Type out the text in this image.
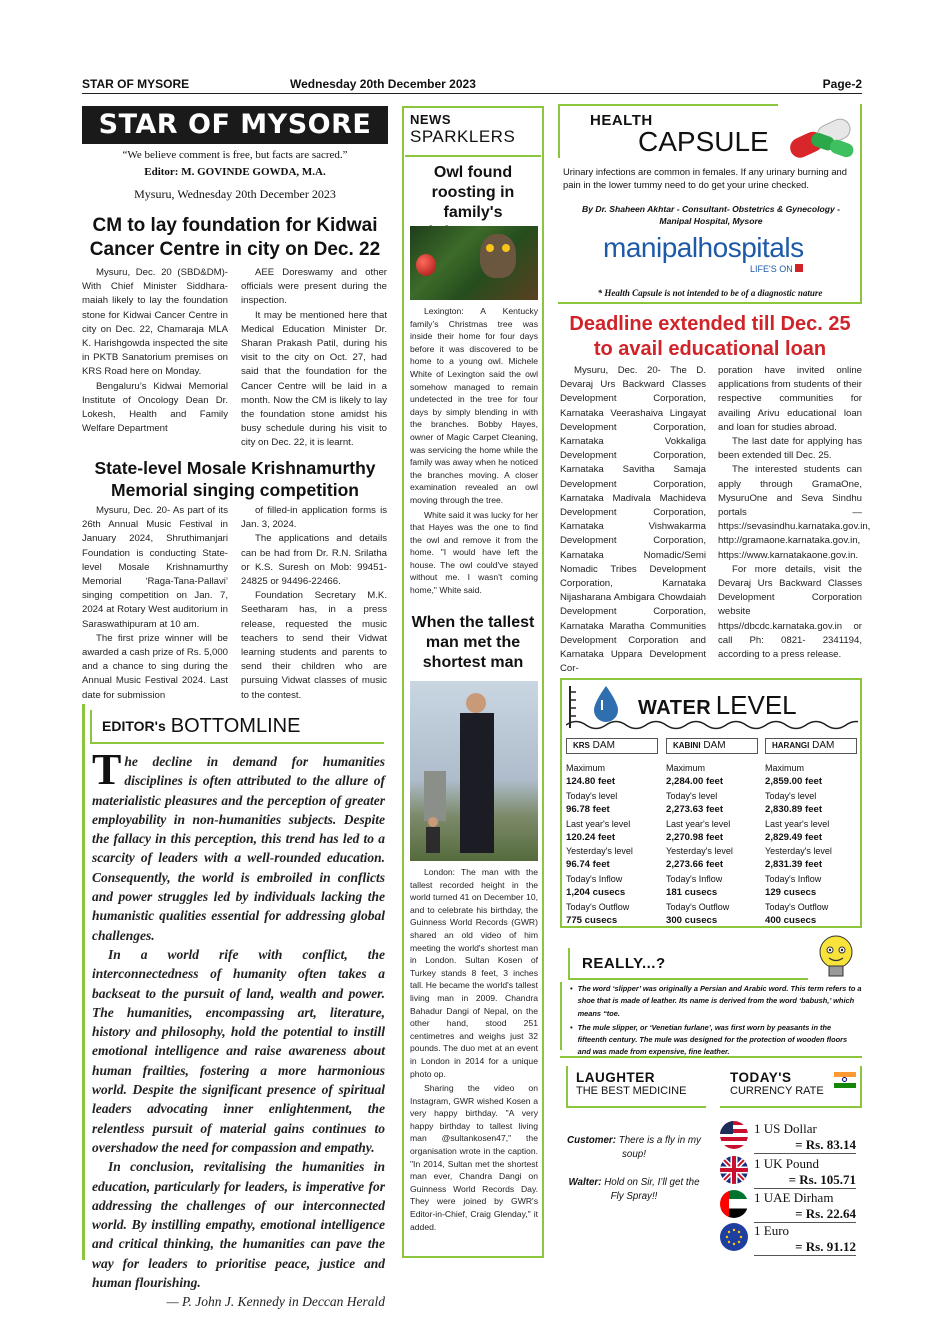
STAR OF MYSORE	Wednesday 20th December 2023	Page-2
STAR OF MYSORE
“We believe comment is free, but facts are sacred.”
Editor: M. GOVINDE GOWDA, M.A.
Mysuru, Wednesday 20th December 2023
CM to lay foundation for Kidwai
Cancer Centre in city on Dec. 22

Mysuru, Dec. 20 (SBD&DM)- With Chief Minister Siddhara-maiah likely to lay the foundation stone for Kidwai Cancer Centre in city on Dec. 22, Chamaraja MLA K. Harishgowda inspected the site in PKTB Sanatorium premises on KRS Road here on Monday.

Bengaluru’s Kidwai Memorial Institute of Oncology Dean Dr. Lokesh, Health and Family Welfare Department

AEE Doreswamy and other officials were present during the inspection.

It may be mentioned here that Medical Education Minister Dr. Sharan Prakash Patil, during his visit to the city on Oct. 27, had said that the foundation for the Cancer Centre will be laid in a month. Now the CM is likely to lay the foundation stone amidst his busy schedule during his visit to city on Dec. 22, it is learnt.

State-level Mosale Krishnamurthy
Memorial singing competition

Mysuru, Dec. 20- As part of its 26th Annual Music Festival in January 2024, Shruthimanjari Foundation is conducting State-level Mosale Krishnamurthy Memorial ‘Raga-Tana-Pallavi’ singing competition on Jan. 7, 2024 at Rotary West auditorium in Saraswathipuram at 10 am.

The first prize winner will be awarded a cash prize of Rs. 5,000 and a chance to sing during the Annual Music Festival 2024. Last date for submission

of filled-in application forms is Jan. 3, 2024.

The applications and details can be had from Dr. R.N. Srilatha or K.S. Suresh on Mob: 99451-24825 or 94496-22466.

Foundation Secretary M.K. Seetharam has, in a press release, requested the music teachers to send their Vidwat learning students and parents to send their children who are pursuing Vidwat classes of music to the contest.

EDITOR's BOTTOMLINE
T he decline in demand for humanities disciplines is often attributed to the allure of materialistic pleasures and the perception of greater employability in non-humanities subjects. Despite the fallacy in this perception, this trend has led to a scarcity of leaders with a well-rounded education. Consequently, the world is embroiled in conflicts and power struggles led by individuals lacking the humanistic qualities essential for addressing global challenges.

In a world rife with conflict, the interconnectedness of humanity often takes a backseat to the pursuit of land, wealth and power. The humanities, encompassing art, literature, history and philosophy, hold the potential to instill emotional intelligence and raise awareness about human frailties, fostering a more harmonious world. Despite the significant presence of spiritual leaders advocating inner enlightenment, the relentless pursuit of material gains continues to overshadow the need for compassion and empathy.

In conclusion, revitalising the humanities in education, particularly for leaders, is imperative for addressing the challenges of our interconnected world. By instilling empathy, emotional intelligence and critical thinking, the humanities can pave the way for leaders to prioritise peace, justice and human flourishing.

— P. John J. Kennedy in Deccan Herald

NEWS
SPARKLERS
Owl found roosting in family's

Lexington: A Kentucky family’s Christmas tree was inside their home for four days before it was discovered to be home to a young owl. Michele White of Lexington said the owl somehow managed to remain undetected in the tree for four days by simply blending in with the branches. Bobby Hayes, owner of Magic Carpet Cleaning, was servicing the home while the family was away when he noticed the branches moving. A closer examination revealed an owl moving through the tree.

White said it was lucky for her that Hayes was the one to find the owl and remove it from the home. "I would have left the house. The owl could've stayed without me. I wasn't coming home," White said.

When the tallest man met the shortest man

London: The man with the tallest recorded height in the world turned 41 on December 10, and to celebrate his birthday, the Guinness World Records (GWR) shared an old video of him meeting the world's shortest man in London. Sultan Kosen of Turkey stands 8 feet, 3 inches tall. He became the world's tallest living man in 2009. Chandra Bahadur Dangi of Nepal, on the other hand, stood 251 centimetres and weighs just 32 pounds. The duo met at an event in London in 2014 for a unique photo op.

Sharing the video on Instagram, GWR wished Kosen a very happy birthday. "A very happy birthday to tallest living man @sultankosen47," the organisation wrote in the caption. "In 2014, Sultan met the shortest man ever, Chandra Dangi on Guinness World Records Day. They were joined by GWR's Editor-in-Chief, Craig Glenday," it added.

HEALTH
CAPSULE
Urinary infections are common in females. If any urinary burning and pain in the lower tummy need to do get your urine checked.
By Dr. Shaheen Akhtar - Consultant- Obstetrics & Gynecology - Manipal Hospital, Mysore
manipalhospitals
LIFE'S ON
* Health Capsule is not intended to be of a diagnostic nature
Deadline extended till Dec. 25
to avail educational loan

Mysuru, Dec. 20- The D. Devaraj Urs Backward Classes Development Corporation, Karnataka Veerashaiva Lingayat Development Corporation, Karnataka Vokkaliga Development Corporation, Karnataka Savitha Samaja Development Corporation, Karnataka Madivala Machideva Development Corporation, Karnataka Vishwakarma Development Corporation, Karnataka Nomadic/Semi Nomadic Tribes Development Corporation, Karnataka Nijasharana Ambigara Chowdaiah Development Corporation, Karnataka Maratha Communities Development Corporation and Karnataka Uppara Development Cor-

poration have invited online applications from students of their respective communities for availing Arivu educational loan and loan for studies abroad.

The last date for applying has been extended till Dec. 25.

The interested students can apply through GramaOne, MysuruOne and Seva Sindhu portals — https://sevasindhu.karnataka.gov.in, http://gramaone.karnataka.gov.in, https://www.karnatakaone.gov.in.

For more details, visit the Devaraj Urs Backward Classes Development Corporation website https//dbcdc.karnataka.gov.in or call Ph: 0821- 2341194, according to a press release.

WATER LEVEL
KRS DAM
Maximum
124.80 feet
Today's level
96.78 feet
Last year's level
120.24 feet
Yesterday's level
96.74 feet
Today's Inflow
1,204 cusecs
Today's Outflow
775 cusecs
KABINI DAM
Maximum
2,284.00 feet
Today's level
2,273.63 feet
Last year's level
2,270.98 feet
Yesterday's level
2,273.66 feet
Today's Inflow
181 cusecs
Today's Outflow
300 cusecs
HARANGI DAM
Maximum
2,859.00 feet
Today's level
2,830.89 feet
Last year's level
2,829.49 feet
Yesterday's level
2,831.39 feet
Today's Inflow
129 cusecs
Today's Outflow
400 cusecs
REALLY...?
• The word ‘slipper’ was originally a Persian and Arabic word. This term refers to a shoe that is made of leather. Its name is derived from the word ‘babush,’ which means “toe.
• The mule slipper, or ‘Venetian furlane’, was first worn by peasants in the fifteenth century. The mule was designed for the protection of wooden floors and was made from expensive, fine leather.
LAUGHTER
THE BEST MEDICINE
Customer: There is a fly in my soup!
Walter: Hold on Sir, I’ll get the Fly Spray!!
TODAY'S
CURRENCY RATE
1 US Dollar
= Rs. 83.14
1 UK Pound
= Rs. 105.71
1 UAE Dirham
= Rs. 22.64
1 Euro
= Rs. 91.12
